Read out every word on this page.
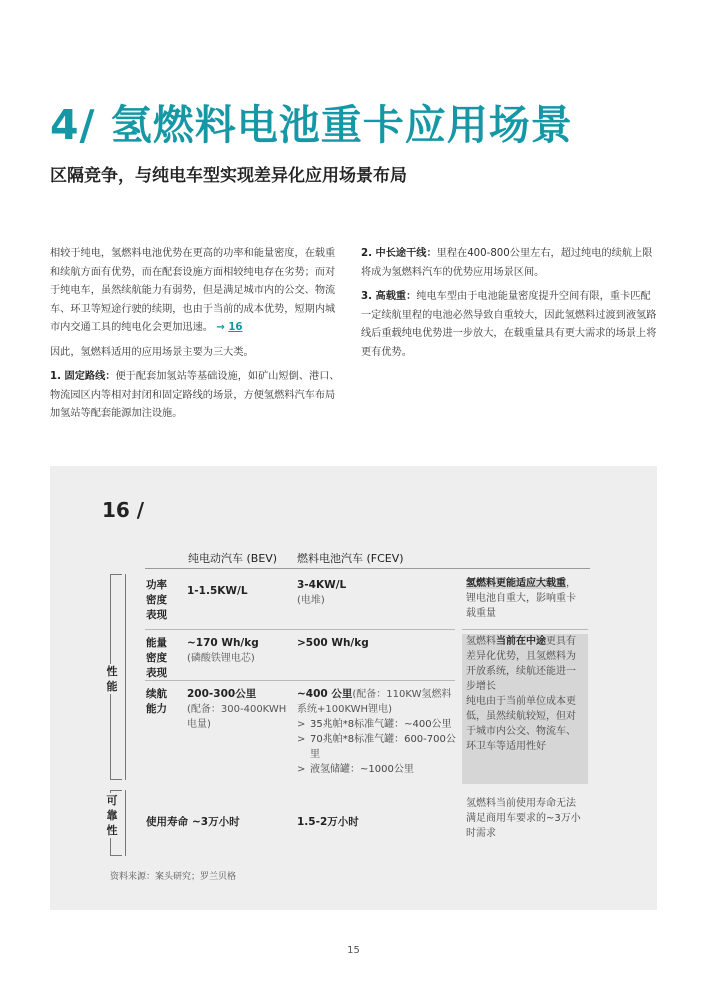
4/ 氢燃料电池重卡应用场景
区隔竞争，与纯电车型实现差异化应用场景布局

相较于纯电，氢燃料电池优势在更高的功率和能量密度，在载重和续航方面有优势，而在配套设施方面相较纯电存在劣势；而对于纯电车，虽然续航能力有弱势，但是满足城市内的公交、物流车、环卫等短途行驶的续期，也由于当前的成本优势，短期内城市内交通工具的纯电化会更加迅速。 → 16

因此，氢燃料适用的应用场景主要为三大类。

1. 固定路线：便于配套加氢站等基础设施，如矿山短倒、港口、物流园区内等相对封闭和固定路线的场景，方便氢燃料汽车布局加氢站等配套能源加注设施。

2. 中长途干线：里程在400-800公里左右，超过纯电的续航上限将成为氢燃料汽车的优势应用场景区间。

3. 高载重：纯电车型由于电池能量密度提升空间有限，重卡匹配一定续航里程的电池必然导致自重较大，因此氢燃料过渡到液氢路线后重载纯电优势进一步放大，在载重量具有更大需求的场景上将更有优势。

16 /
纯电动汽车 (BEV) 燃料电池汽车 (FCEV)
性能
可靠性
功率密度表现
1-1.5KW/L	3-4KW/L
(电堆)
氢燃料更能适应大载重，锂电池自重大，影响重卡载重量
能量密度表现
~170 Wh/kg
(磷酸铁锂电芯)
>500 Wh/kg
续航能力
200-300公里
(配备：300-400KWH电量)
~400 公里(配备：110KW氢燃料系统+100KWH锂电)
> 35兆帕*8标准气罐：~400公里
> 70兆帕*8标准气罐：600-700公里
> 液氢储罐：~1000公里
氢燃料当前在中途更具有差异化优势，且氢燃料为开放系统，续航还能进一步增长
纯电由于当前单位成本更低，虽然续航较短，但对于城市内公交、物流车、环卫车等适用性好
使用寿命 ~3万小时	1.5-2万小时
氢燃料当前使用寿命无法满足商用车要求的~3万小时需求
资料来源：案头研究；罗兰贝格
15
